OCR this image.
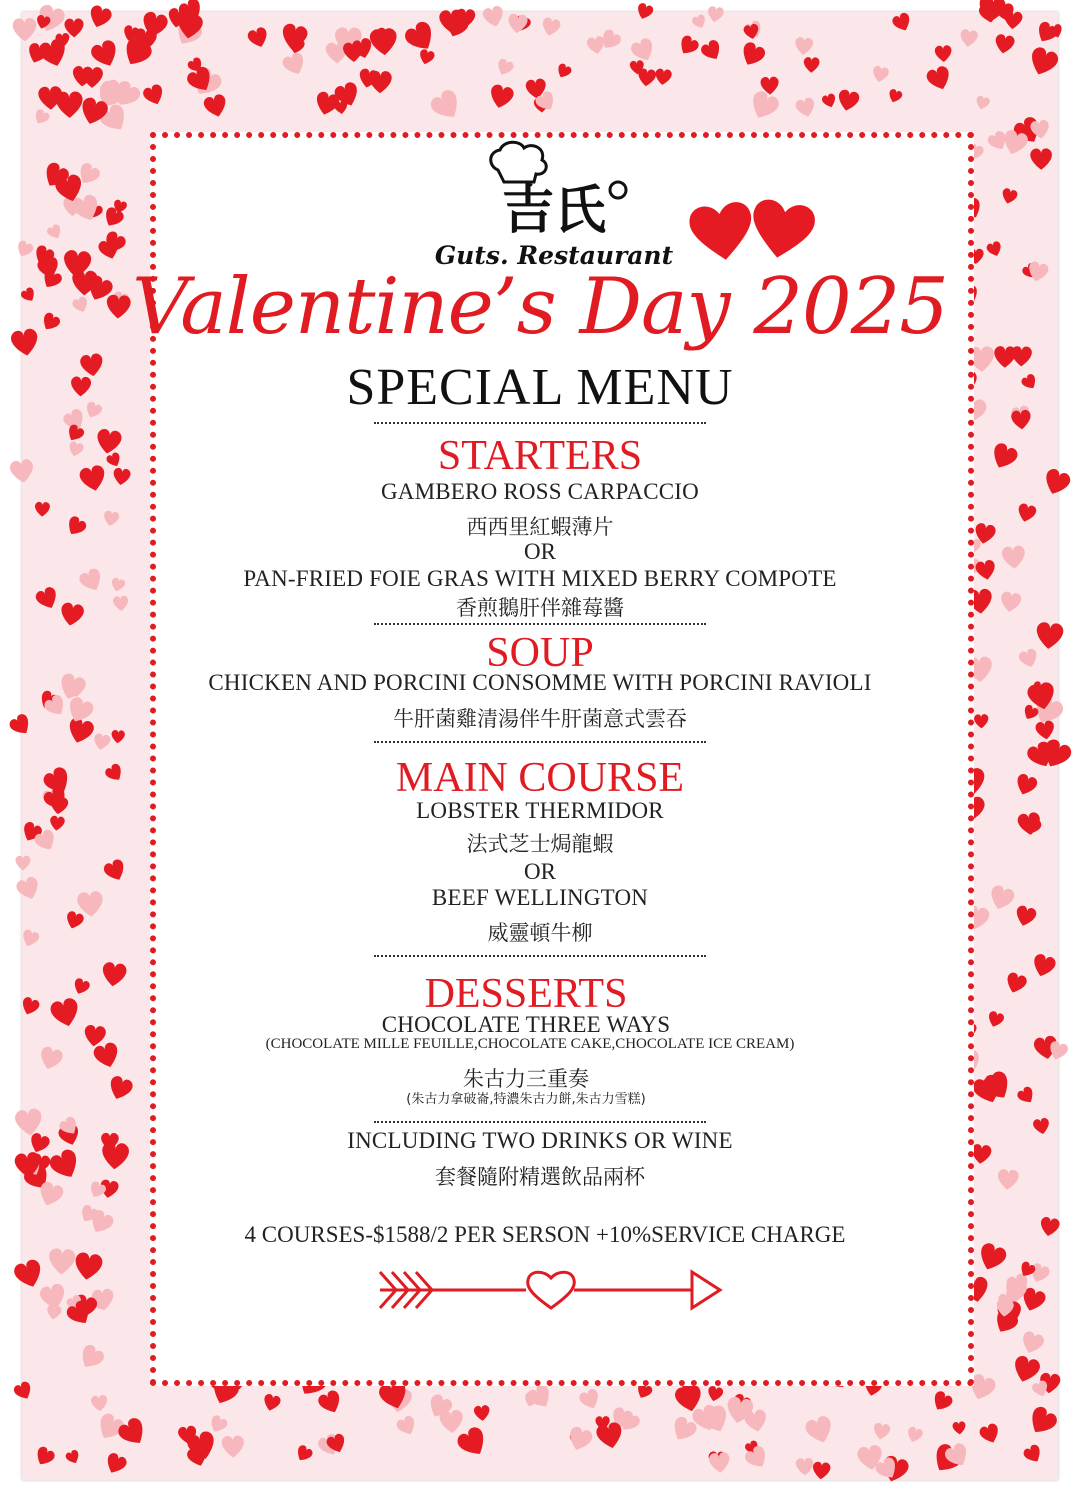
吉氏
Guts. Restaurant
Valentine’s Day 2025
SPECIAL MENU
STARTERS
GAMBERO ROSS CARPACCIO
西西里紅蝦薄片
OR
PAN-FRIED FOIE GRAS WITH MIXED BERRY COMPOTE
香煎鵝肝伴雜莓醬
SOUP
CHICKEN AND PORCINI CONSOMME WITH PORCINI RAVIOLI
牛肝菌雞清湯伴牛肝菌意式雲吞
MAIN COURSE
LOBSTER THERMIDOR
法式芝士焗龍蝦
OR
BEEF WELLINGTON
威靈頓牛柳
DESSERTS
CHOCOLATE THREE WAYS
(CHOCOLATE MILLE FEUILLE,CHOCOLATE CAKE,CHOCOLATE ICE CREAM)
朱古力三重奏
(朱古力拿破崙,特濃朱古力餅,朱古力雪糕)
INCLUDING TWO DRINKS OR WINE
套餐隨附精選飲品兩杯
4 COURSES-$1588/2 PER SERSON +10%SERVICE CHARGE
